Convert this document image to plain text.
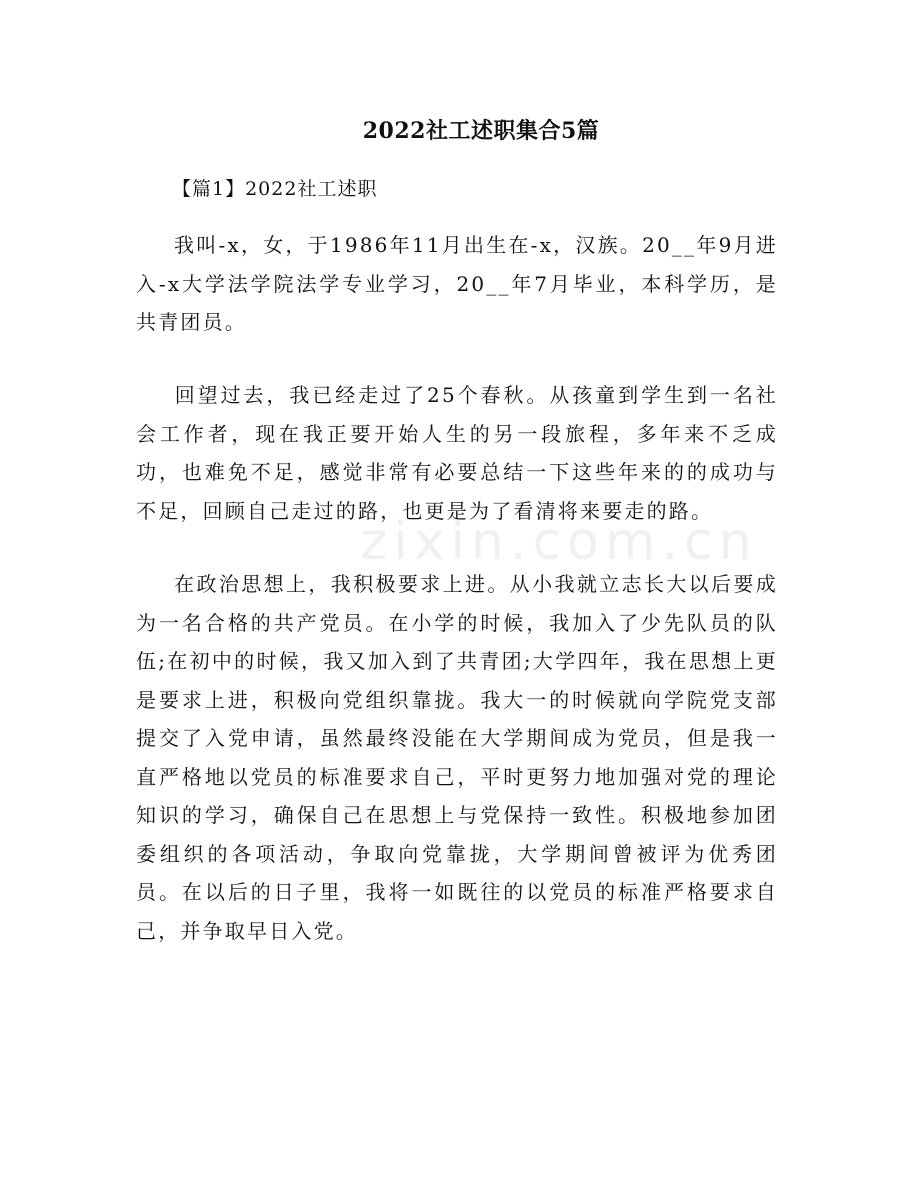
zixin.com.cn
2022社工述职集合5篇
【篇1】2022社工述职
我叫-x，女，于1986年11月出生在-x，汉族。20__年9月进入-x大学法学院法学专业学习，20__年7月毕业，本科学历，是共青团员。
回望过去，我已经走过了25个春秋。从孩童到学生到一名社会工作者，现在我正要开始人生的另一段旅程，多年来不乏成功，也难免不足，感觉非常有必要总结一下这些年来的的成功与不足，回顾自己走过的路，也更是为了看清将来要走的路。
在政治思想上，我积极要求上进。从小我就立志长大以后要成为一名合格的共产党员。在小学的时候，我加入了少先队员的队伍;在初中的时候，我又加入到了共青团;大学四年，我在思想上更是要求上进，积极向党组织靠拢。我大一的时候就向学院党支部提交了入党申请，虽然最终没能在大学期间成为党员，但是我一直严格地以党员的标准要求自己，平时更努力地加强对党的理论知识的学习，确保自己在思想上与党保持一致性。积极地参加团委组织的各项活动，争取向党靠拢，大学期间曾被评为优秀团员。在以后的日子里，我将一如既往的以党员的标准严格要求自己，并争取早日入党。
